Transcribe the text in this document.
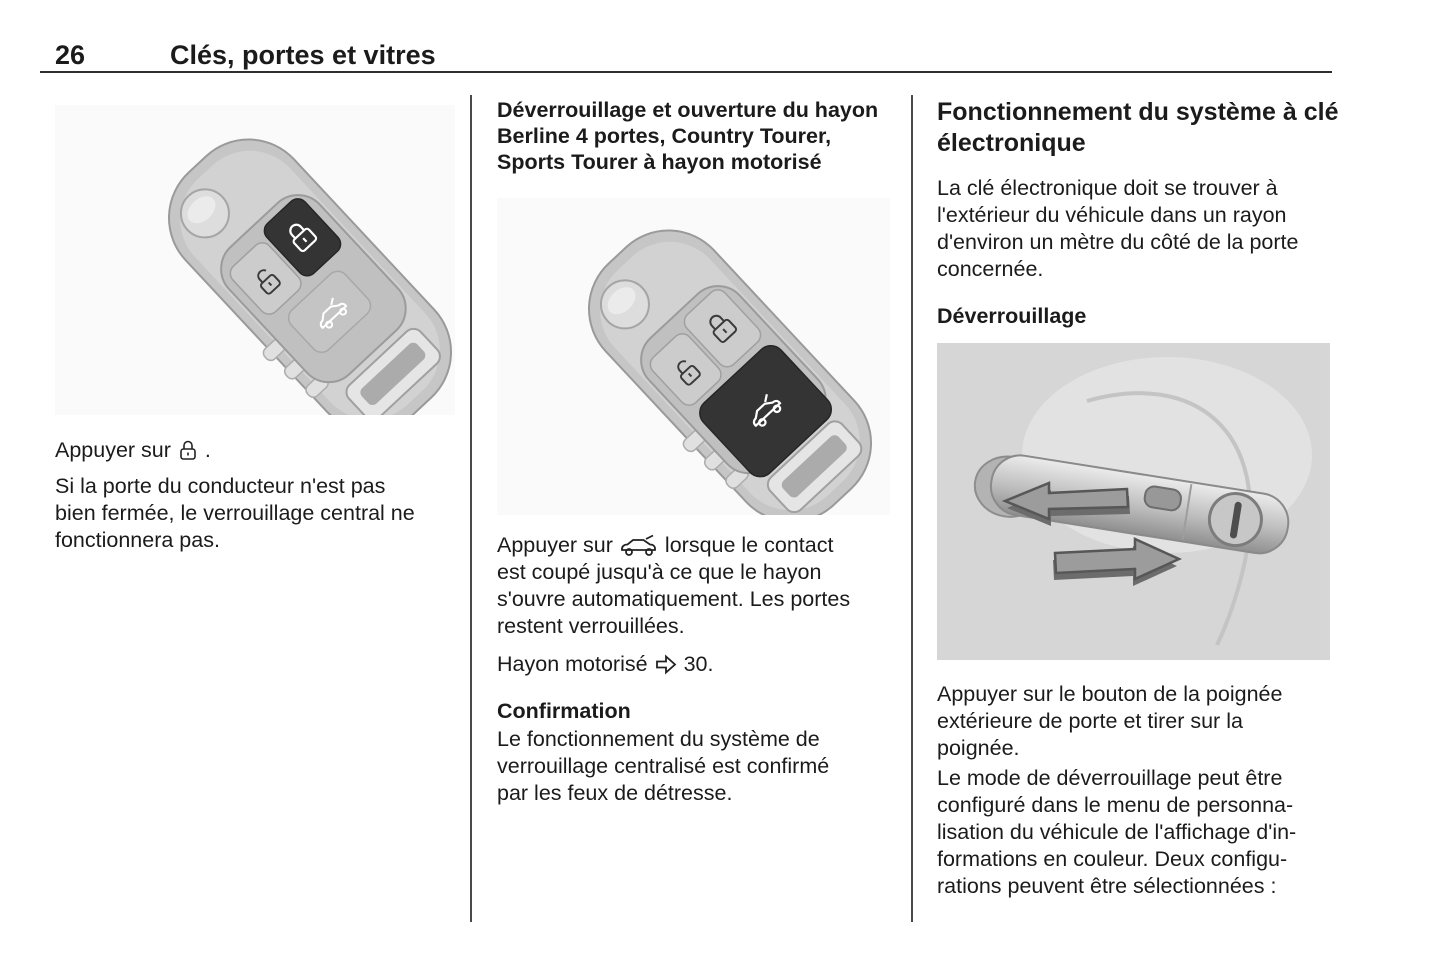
26	Clés, portes et vitres
Appuyer sur .
Si la porte du conducteur n'est pas
bien fermée, le verrouillage central ne
fonctionnera pas.
Déverrouillage et ouverture du hayon
Berline 4 portes, Country Tourer,
Sports Tourer à hayon motorisé
Appuyer sur lorsque le contact
est coupé jusqu'à ce que le hayon
s'ouvre automatiquement. Les portes
restent verrouillées.
Hayon motorisé 30.
Confirmation
Le fonctionnement du système de
verrouillage centralisé est confirmé
par les feux de détresse.
Fonctionnement du système à clé
électronique
La clé électronique doit se trouver à
l'extérieur du véhicule dans un rayon
d'environ un mètre du côté de la porte
concernée.
Déverrouillage
Appuyer sur le bouton de la poignée
extérieure de porte et tirer sur la
poignée.
Le mode de déverrouillage peut être
configuré dans le menu de personna-
lisation du véhicule de l'affichage d'in-
formations en couleur. Deux configu-
rations peuvent être sélectionnées :
